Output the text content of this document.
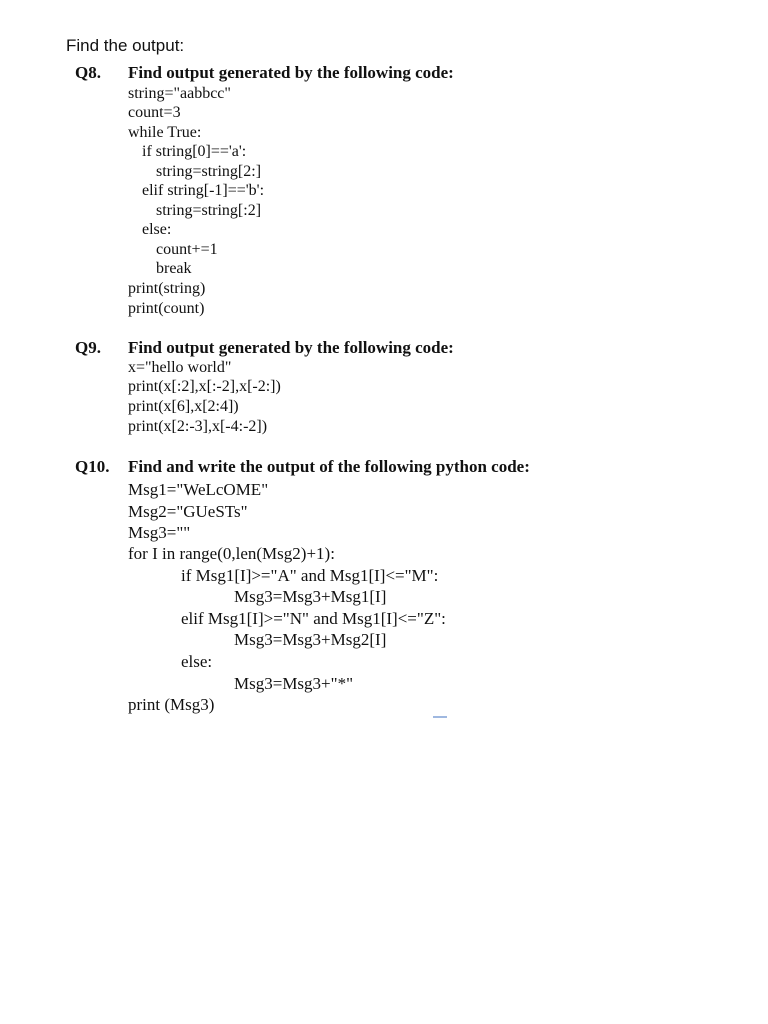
Find the output:
Q8. Find output generated by the following code:
string="aabbcc"
count=3
while True:
if string[0]=='a':
string=string[2:]
elif string[-1]=='b':
string=string[:2]
else:
count+=1
break
print(string)
print(count)
Q9. Find output generated by the following code:
x="hello world"
print(x[:2],x[:-2],x[-2:])
print(x[6],x[2:4])
print(x[2:-3],x[-4:-2])
Q10. Find and write the output of the following python code:
Msg1="WeLcOME"
Msg2="GUeSTs"
Msg3=""
for I in range(0,len(Msg2)+1):
if Msg1[I]>="A" and Msg1[I]<="M":
Msg3=Msg3+Msg1[I]
elif Msg1[I]>="N" and Msg1[I]<="Z":
Msg3=Msg3+Msg2[I]
else:
Msg3=Msg3+"*"
print (Msg3)
